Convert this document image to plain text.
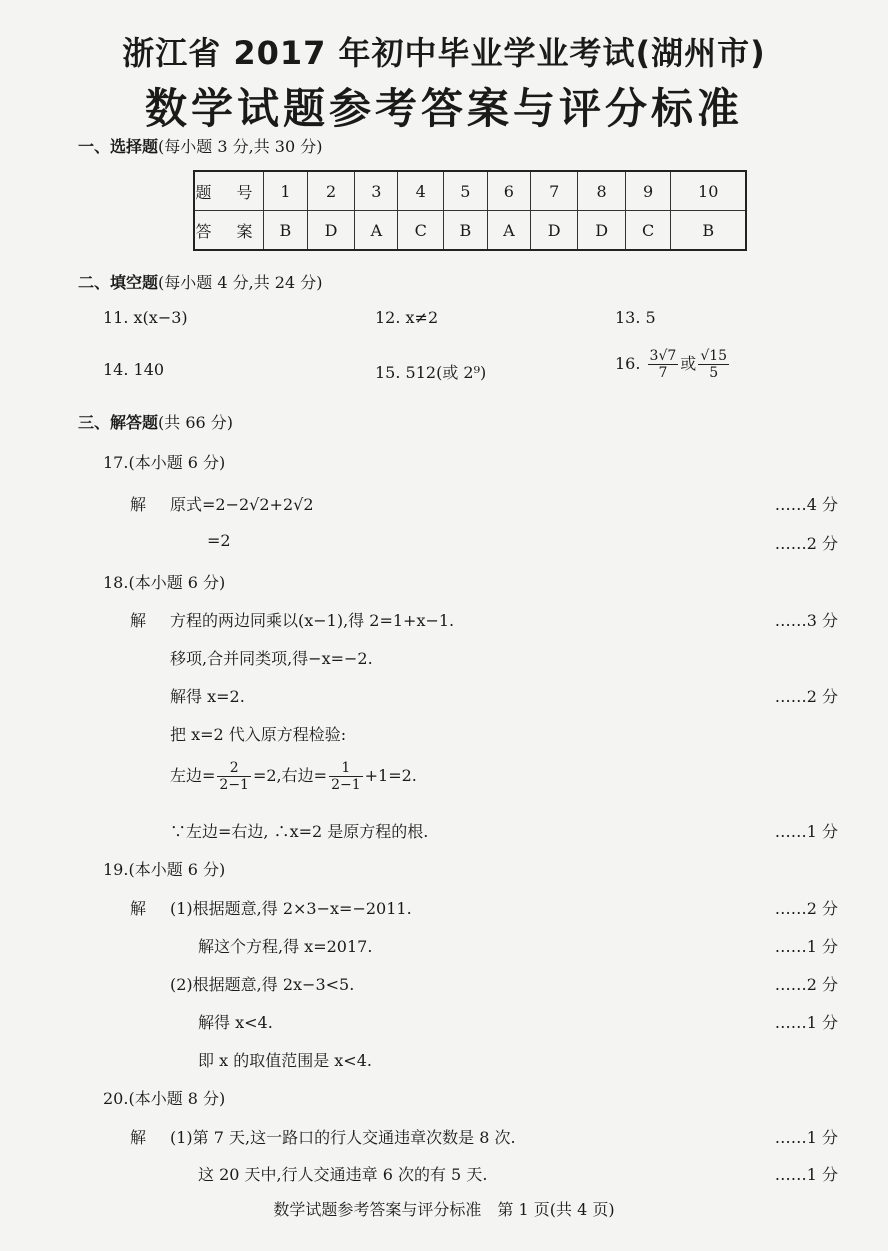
浙江省 2017 年初中毕业学业考试(湖州市)
数学试题参考答案与评分标准
一、选择题(每小题 3 分,共 30 分)
题 号	1	2	3	4	5	6	7	8	9	10
答 案	B	D	A	C	B	A	D	D	C	B
二、填空题(每小题 4 分,共 24 分)
11. x(x−3)	12. x≠2	13. 5
14. 140	15. 512(或 2⁹)	16. $\frac{3√7}{7}$ 或 $\frac{√15}{5}$
三、解答题(共 66 分)
17.(本小题 6 分)
解 原式=2−2√2+2√2	……4 分
=2	……2 分
18.(本小题 6 分)
解 方程的两边同乘以(x−1),得 2=1+x−1.	……3 分
移项,合并同类项,得−x=−2.
解得 x=2.	……2 分
把 x=2 代入原方程检验:
左边= $\frac{2}{2-1} =2$,右边= $\frac{1}{2-1} +1=2$.
∵左边=右边, ∴x=2 是原方程的根.	……1 分
19.(本小题 6 分)
解 (1)根据题意,得 2×3−x=−2011.	……2 分
解这个方程,得 x=2017.	……1 分
(2)根据题意,得 2x−3<5.	……2 分
解得 x<4.	……1 分
即 x 的取值范围是 x<4.
20.(本小题 8 分)
解 (1)第 7 天,这一路口的行人交通违章次数是 8 次.	……1 分
这 20 天中,行人交通违章 6 次的有 5 天.	……1 分
数学试题参考答案与评分标准　第 1 页(共 4 页)
